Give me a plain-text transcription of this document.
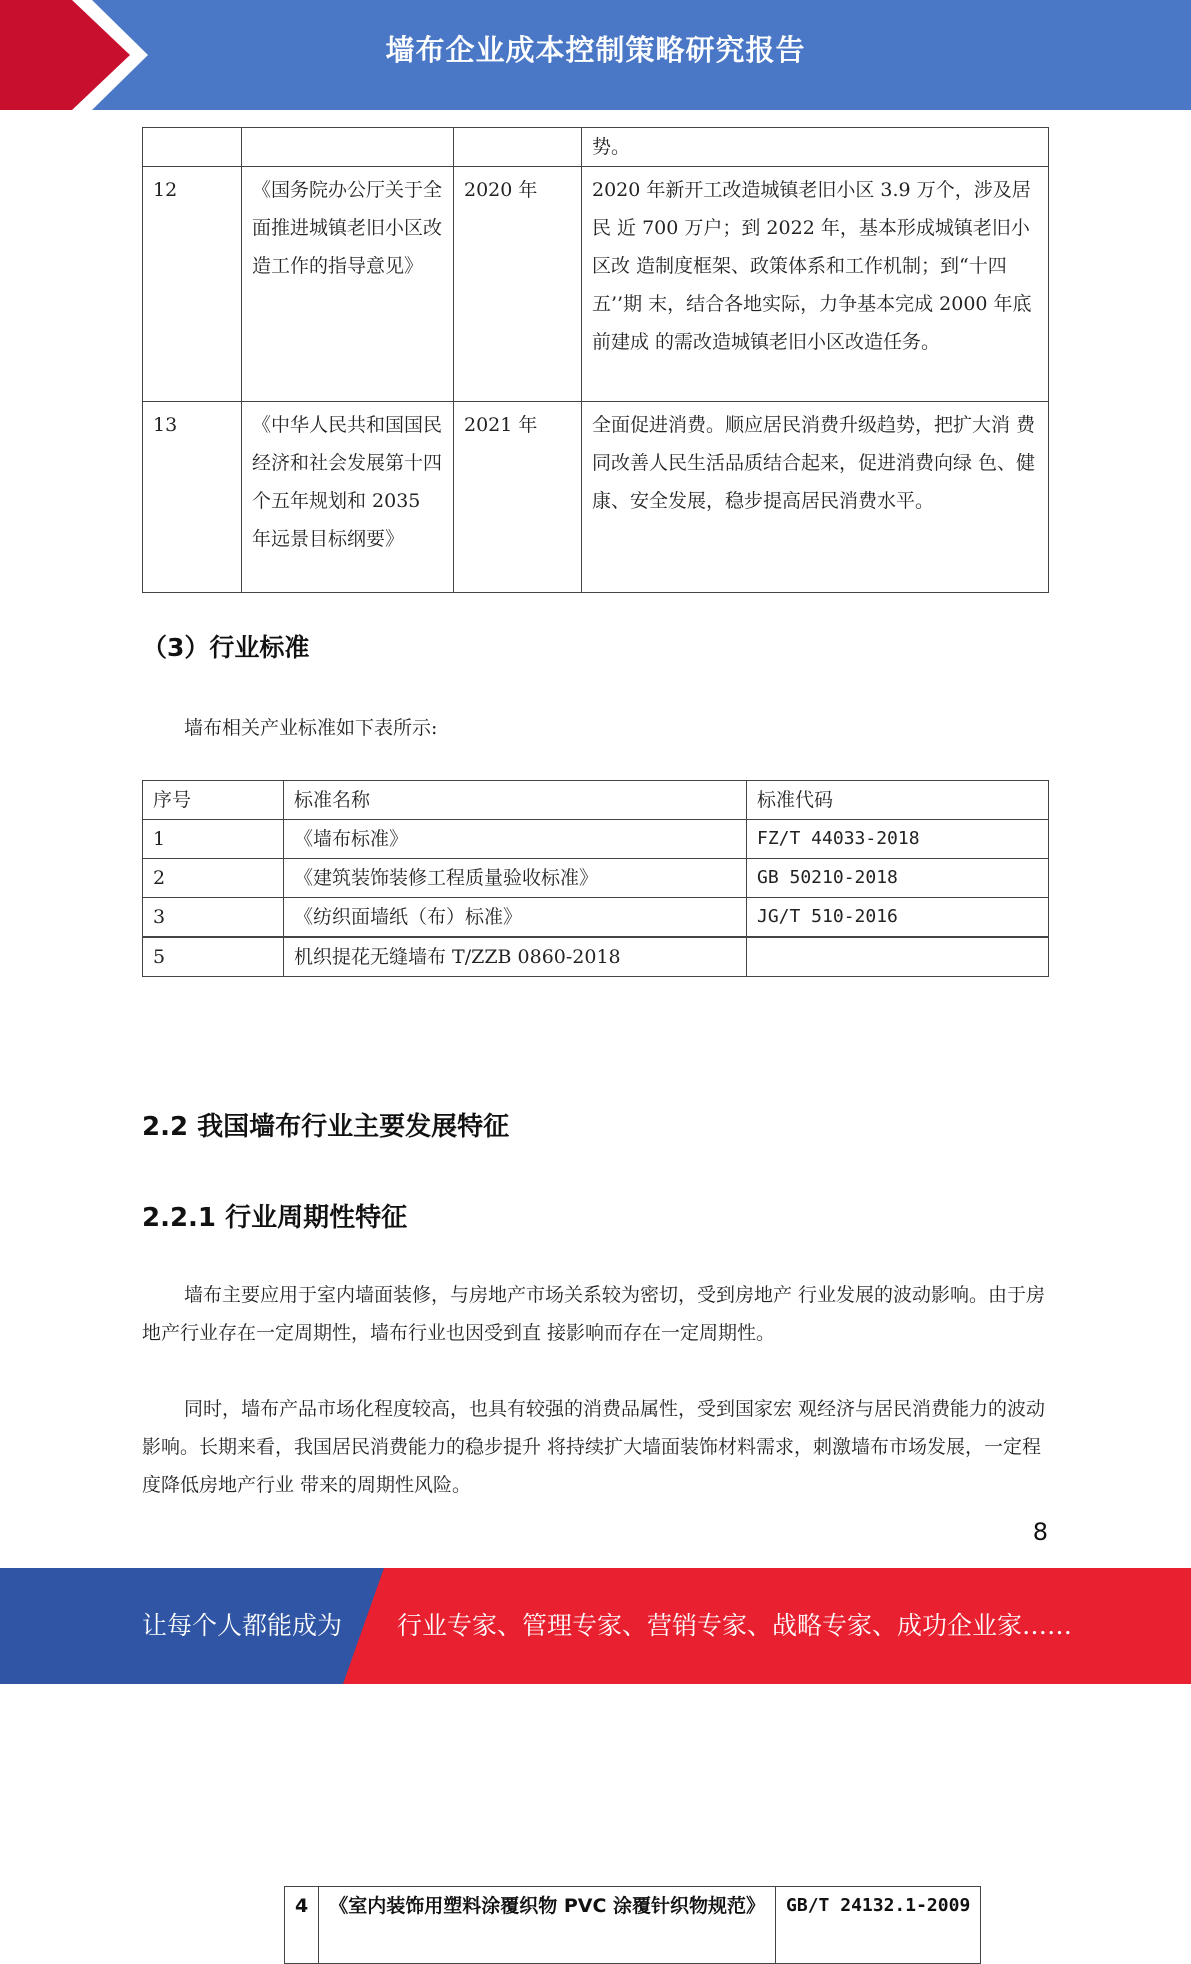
墙布企业成本控制策略研究报告
			势。
12	《国务院办公厅关于全面推进城镇老旧小区改造工作的指导意见》	2020 年	2020 年新开工改造城镇老旧小区 3.9 万个，涉及居民 近 700 万户；到 2022 年，基本形成城镇老旧小区改 造制度框架、政策体系和工作机制；到“十四五’’期 末，结合各地实际，力争基本完成 2000 年底前建成 的需改造城镇老旧小区改造任务。
13	《中华人民共和国国民经济和社会发展第十四个五年规划和 2035 年远景目标纲要》	2021 年	全面促进消费。顺应居民消费升级趋势，把扩大消 费同改善人民生活品质结合起来，促进消费向绿 色、健康、安全发展，稳步提高居民消费水平。
（3）行业标准
墙布相关产业标准如下表所示:
序号	标准名称	标准代码
1	《墙布标准》	FZ/T 44033-2018
2	《建筑装饰装修工程质量验收标准》	GB 50210-2018
3	《纺织面墙纸（布）标准》	JG/T 510-2016

4	《室内装饰用塑料涂覆织物 PVC 涂覆针织物规范》	GB/T 24132.1-2009
5	机织提花无缝墙布 T/ZZB 0860-2018	
2.2 我国墙布行业主要发展特征
2.2.1 行业周期性特征

墙布主要应用于室内墙面装修，与房地产市场关系较为密切，受到房地产 行业发展的波动影响。由于房地产行业存在一定周期性，墙布行业也因受到直 接影响而存在一定周期性。

同时，墙布产品市场化程度较高，也具有较强的消费品属性，受到国家宏 观经济与居民消费能力的波动影响。长期来看，我国居民消费能力的稳步提升 将持续扩大墙面装饰材料需求，刺激墙布市场发展，一定程度降低房地产行业 带来的周期性风险。

8
让每个人都能成为 行业专家、管理专家、营销专家、战略专家、成功企业家……
